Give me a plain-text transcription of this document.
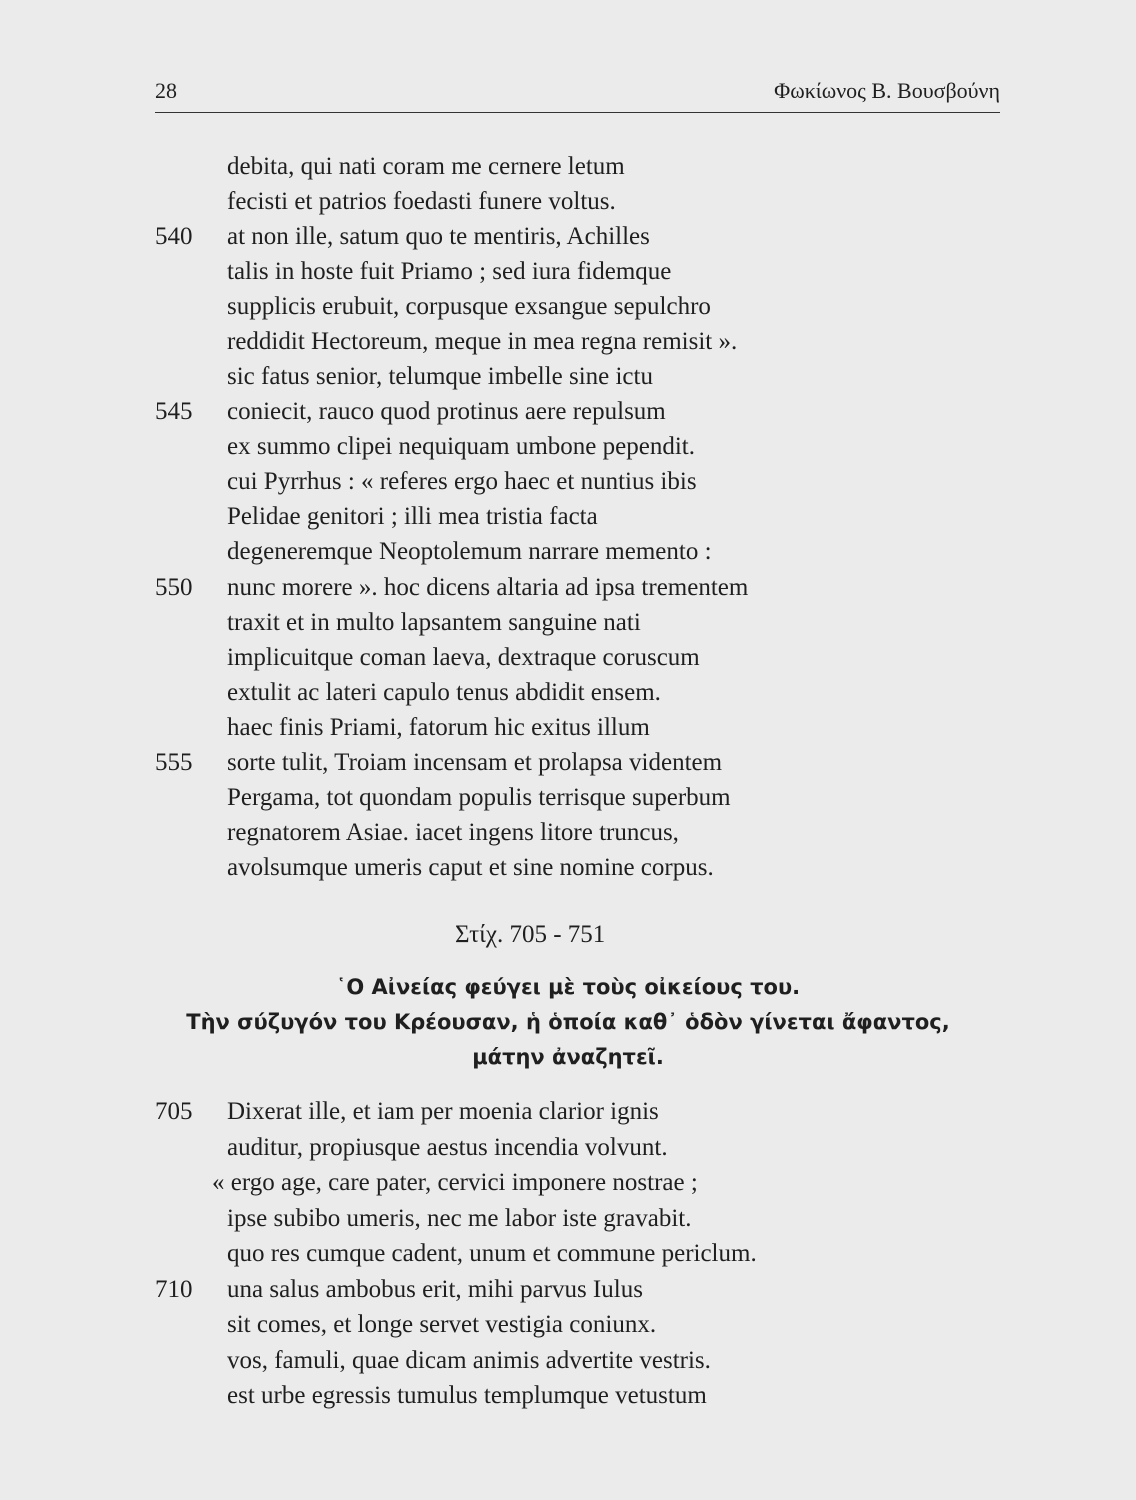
28	Φωκίωνος Β. Βουσβούνη
debita, qui nati coram me cernere letum
fecisti et patrios foedasti funere voltus.
540 at non ille, satum quo te mentiris, Achilles
talis in hoste fuit Priamo ; sed iura fidemque
supplicis erubuit, corpusque exsangue sepulchro
reddidit Hectoreum, meque in mea regna remisit ».
sic fatus senior, telumque imbelle sine ictu
545 coniecit, rauco quod protinus aere repulsum
ex summo clipei nequiquam umbone pependit.
cui Pyrrhus : « referes ergo haec et nuntius ibis
Pelidae genitori ; illi mea tristia facta
degeneremque Neoptolemum narrare memento :
550 nunc morere ». hoc dicens altaria ad ipsa trementem
traxit et in multo lapsantem sanguine nati
implicuitque coman laeva, dextraque coruscum
extulit ac lateri capulo tenus abdidit ensem.
haec finis Priami, fatorum hic exitus illum
555 sorte tulit, Troiam incensam et prolapsa videntem
Pergama, tot quondam populis terrisque superbum
regnatorem Asiae. iacet ingens litore truncus,
avolsumque umeris caput et sine nomine corpus.
Στίχ. 705 - 751
῾Ο Αἰνείας φεύγει μὲ τοὺς οἰκείους του.
Τὴν σύζυγόν του Κρέουσαν, ἡ ὁποία καθ᾽ ὁδὸν γίνεται ἄφαντος,
μάτην ἀναζητεῖ.
705 Dixerat ille, et iam per moenia clarior ignis
auditur, propiusque aestus incendia volvunt.
« ergo age, care pater, cervici imponere nostrae ;
ipse subibo umeris, nec me labor iste gravabit.
quo res cumque cadent, unum et commune periclum.
710 una salus ambobus erit, mihi parvus Iulus
sit comes, et longe servet vestigia coniunx.
vos, famuli, quae dicam animis advertite vestris.
est urbe egressis tumulus templumque vetustum
